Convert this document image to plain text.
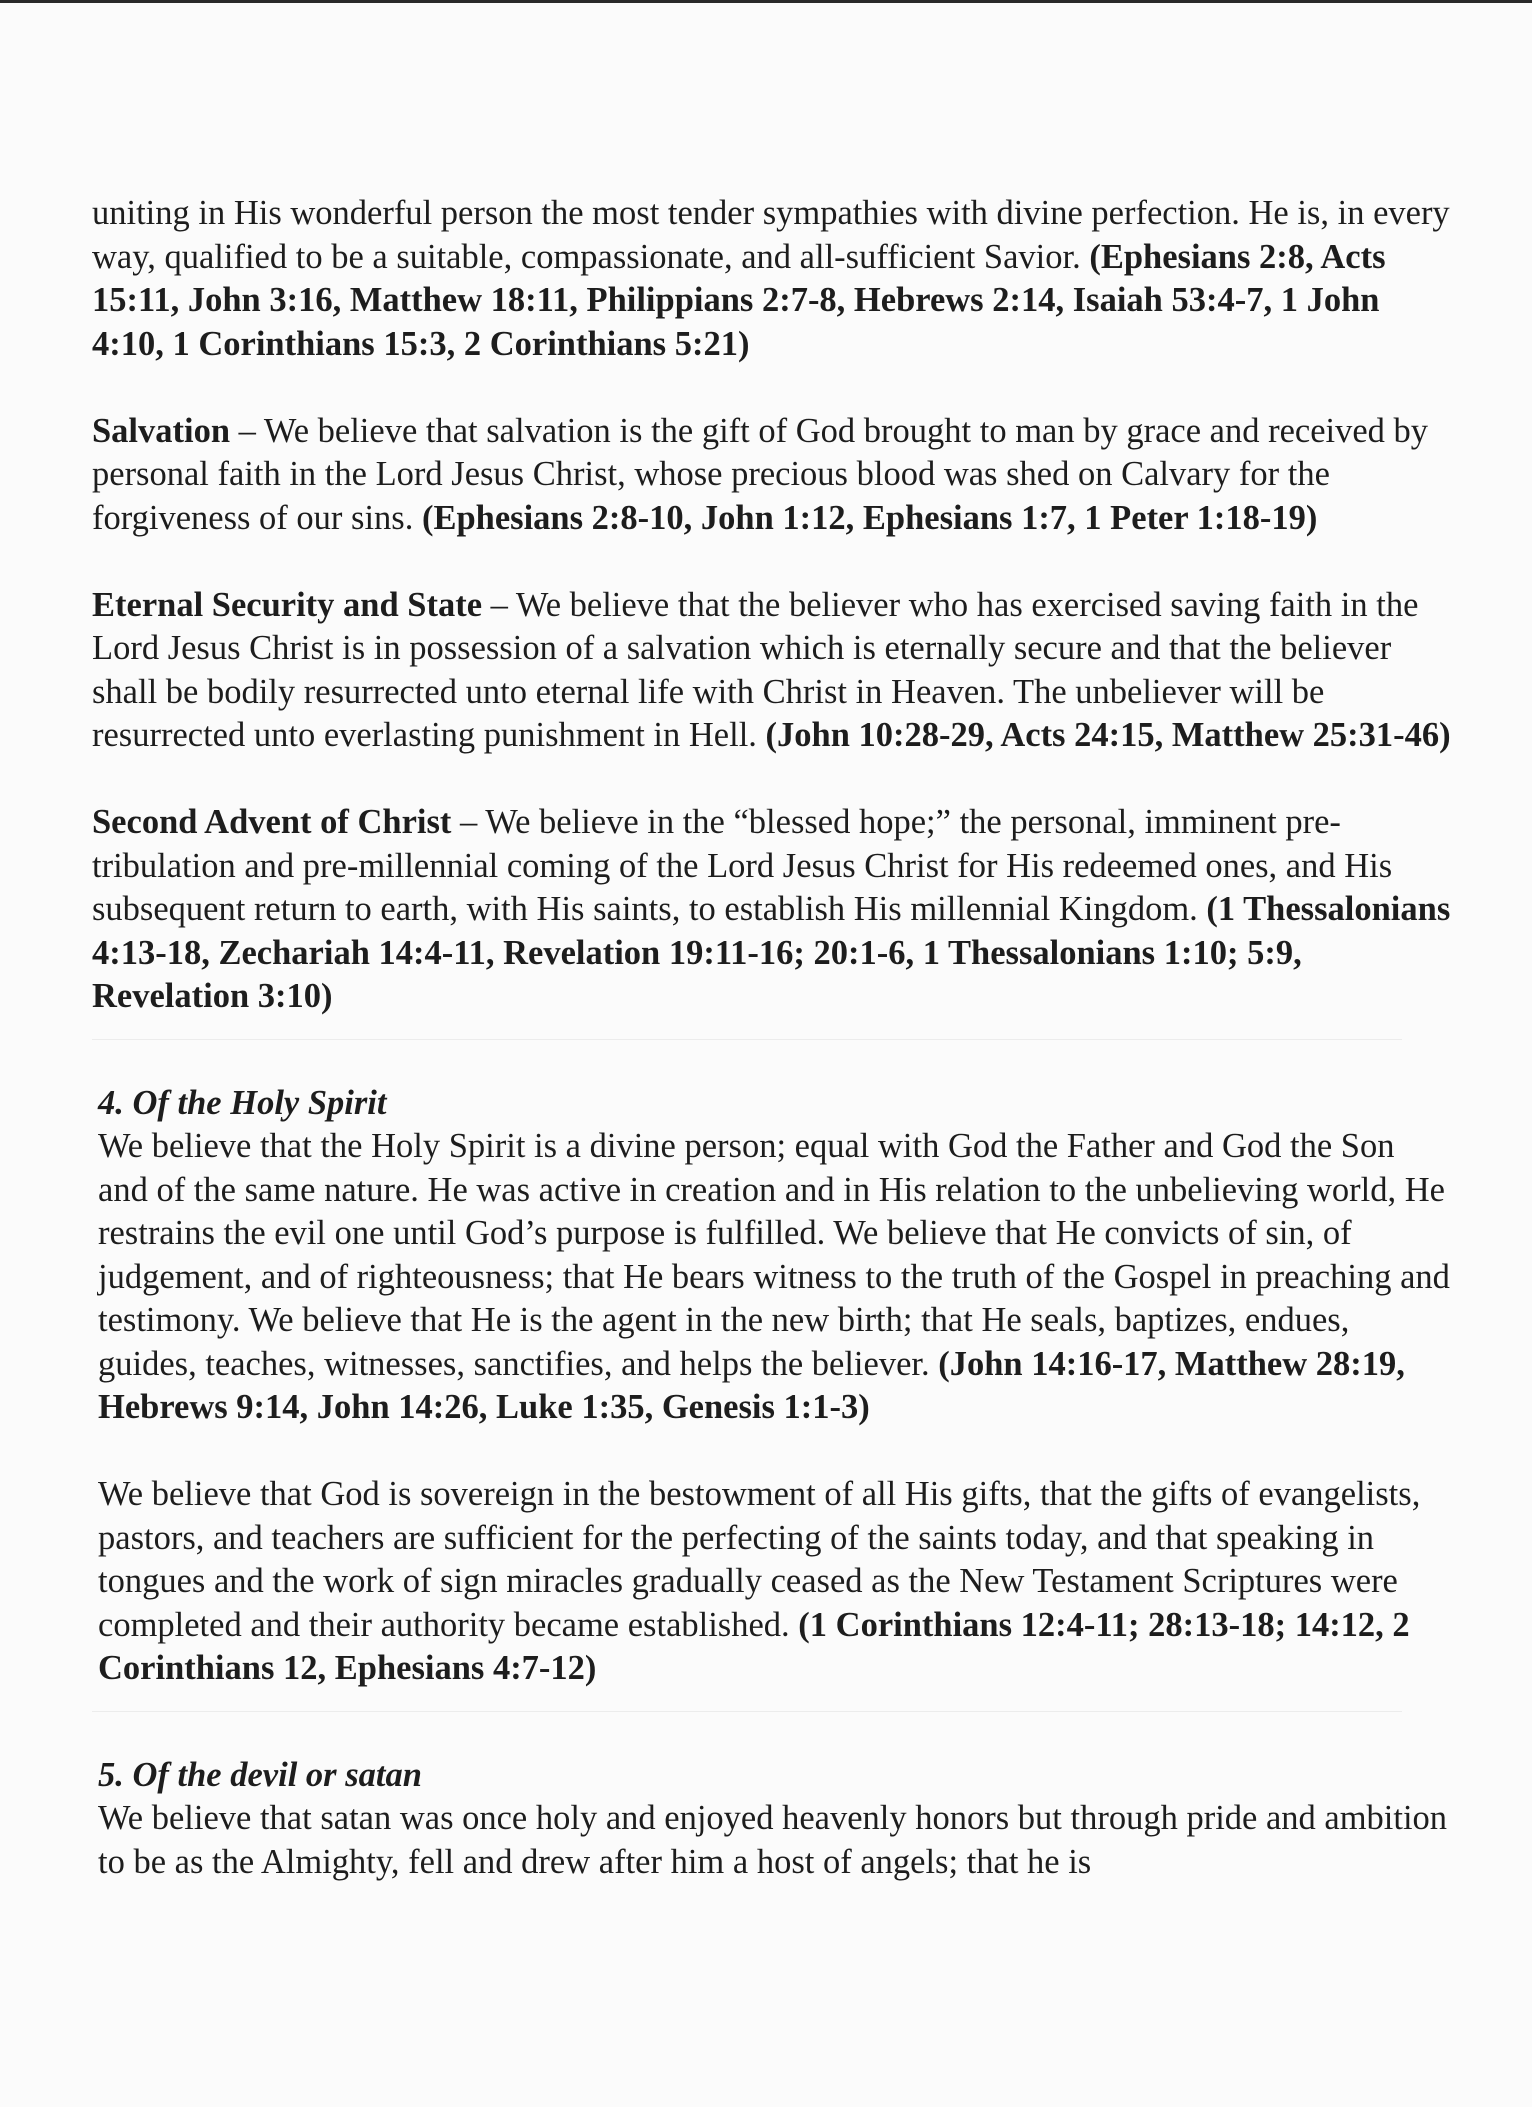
uniting in His wonderful person the most tender sympathies with divine perfection. He is, in every way, qualified to be a suitable, compassionate, and all-sufficient Savior. (Ephesians 2:8, Acts 15:11, John 3:16, Matthew 18:11, Philippians 2:7-8, Hebrews 2:14, Isaiah 53:4-7, 1 John 4:10, 1 Corinthians 15:3, 2 Corinthians 5:21)

Salvation – We believe that salvation is the gift of God brought to man by grace and received by personal faith in the Lord Jesus Christ, whose precious blood was shed on Calvary for the forgiveness of our sins. (Ephesians 2:8-10, John 1:12, Ephesians 1:7, 1 Peter 1:18-19)

Eternal Security and State – We believe that the believer who has exercised saving faith in the Lord Jesus Christ is in possession of a salvation which is eternally secure and that the believer shall be bodily resurrected unto eternal life with Christ in Heaven. The unbeliever will be resurrected unto everlasting punishment in Hell. (John 10:28-29, Acts 24:15, Matthew 25:31-46)

Second Advent of Christ – We believe in the “blessed hope;” the personal, imminent pre-tribulation and pre-millennial coming of the Lord Jesus Christ for His redeemed ones, and His subsequent return to earth, with His saints, to establish His millennial Kingdom. (1 Thessalonians 4:13-18, Zechariah 14:4-11, Revelation 19:11-16; 20:1-6, 1 Thessalonians 1:10; 5:9, Revelation 3:10)

4. Of the Holy Spirit

We believe that the Holy Spirit is a divine person; equal with God the Father and God the Son and of the same nature. He was active in creation and in His relation to the unbelieving world, He restrains the evil one until God’s purpose is fulfilled. We believe that He convicts of sin, of judgement, and of righteousness; that He bears witness to the truth of the Gospel in preaching and testimony. We believe that He is the agent in the new birth; that He seals, baptizes, endues, guides, teaches, witnesses, sanctifies, and helps the believer. (John 14:16-17, Matthew 28:19, Hebrews 9:14, John 14:26, Luke 1:35, Genesis 1:1-3)

We believe that God is sovereign in the bestowment of all His gifts, that the gifts of evangelists, pastors, and teachers are sufficient for the perfecting of the saints today, and that speaking in tongues and the work of sign miracles gradually ceased as the New Testament Scriptures were completed and their authority became established. (1 Corinthians 12:4-11; 28:13-18; 14:12, 2 Corinthians 12, Ephesians 4:7-12)

5. Of the devil or satan

We believe that satan was once holy and enjoyed heavenly honors but through pride and ambition to be as the Almighty, fell and drew after him a host of angels; that he is
